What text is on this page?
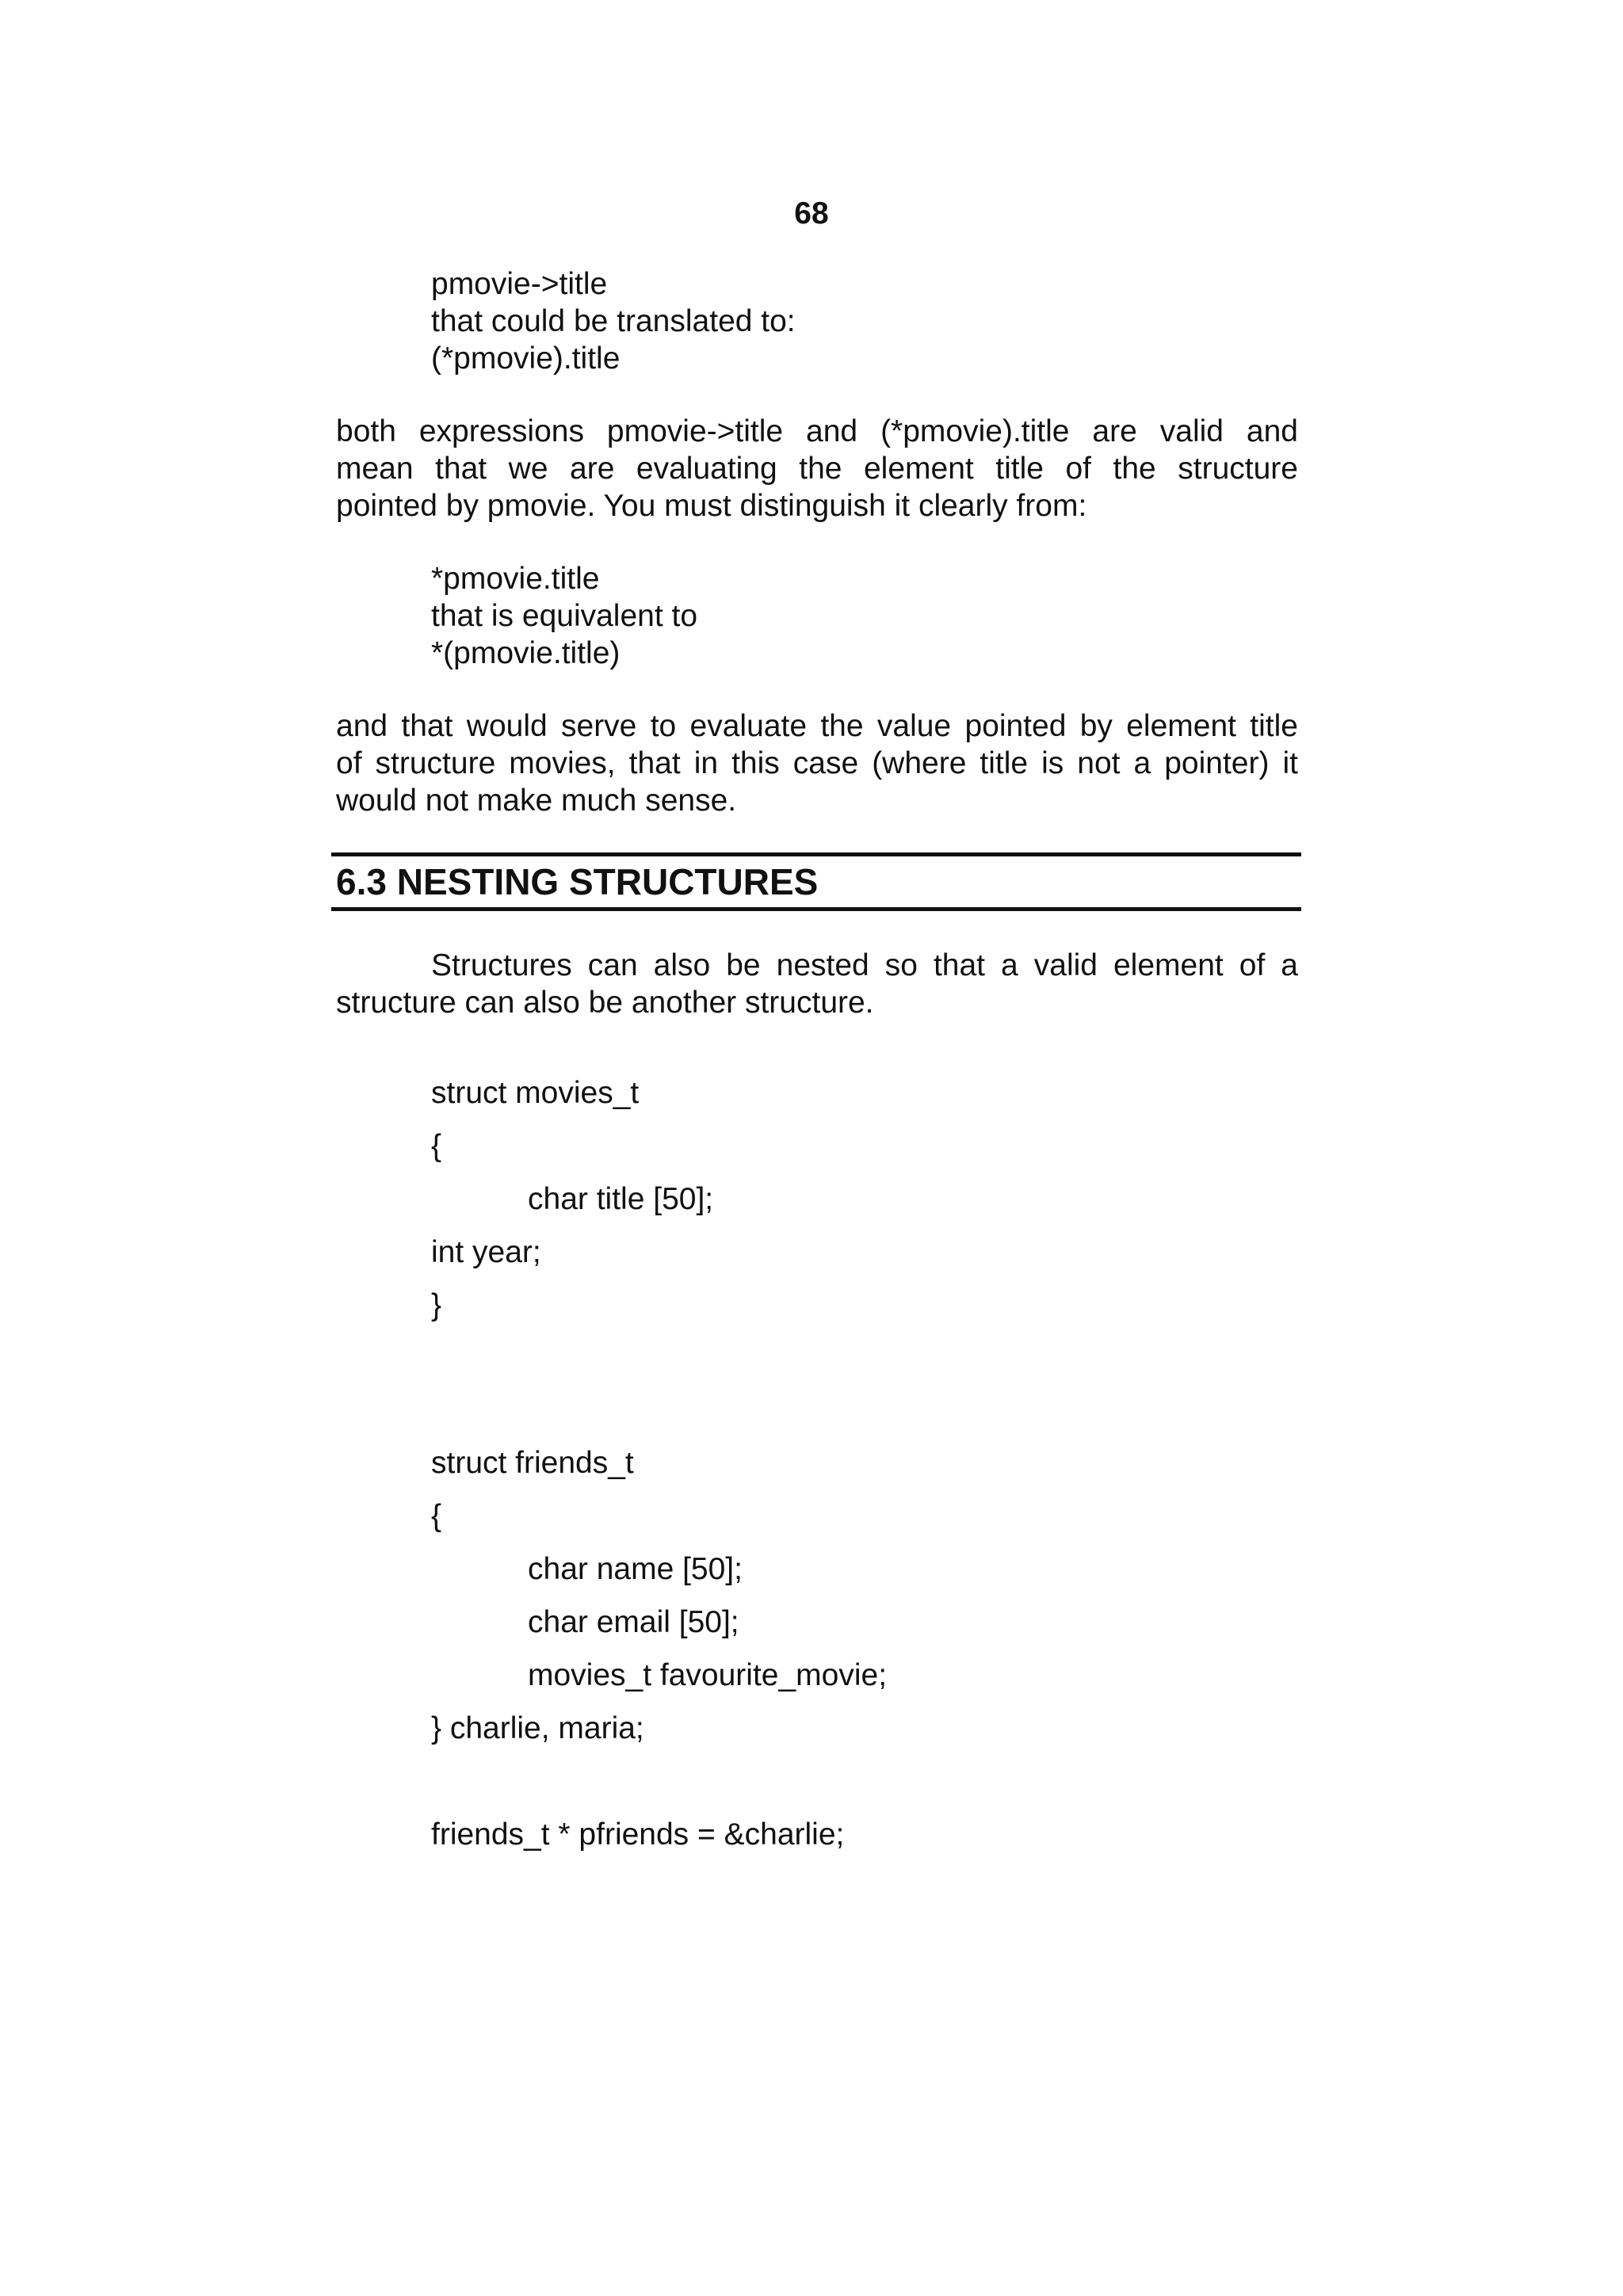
68
pmovie->title
that could be translated to:
(*pmovie).title
both expressions pmovie->title and (*pmovie).title are valid and
mean that we are evaluating the element title of the structure
pointed by pmovie. You must distinguish it clearly from:
*pmovie.title
that is equivalent to
*(pmovie.title)
and that would serve to evaluate the value pointed by element title
of structure movies, that in this case (where title is not a pointer) it
would not make much sense.
6.3 NESTING STRUCTURES
Structures can also be nested so that a valid element of a
structure can also be another structure.
struct movies_t
{
char title [50];
int year;
}
struct friends_t
{
char name [50];
char email [50];
movies_t favourite_movie;
} charlie, maria;
friends_t * pfriends = &charlie;
